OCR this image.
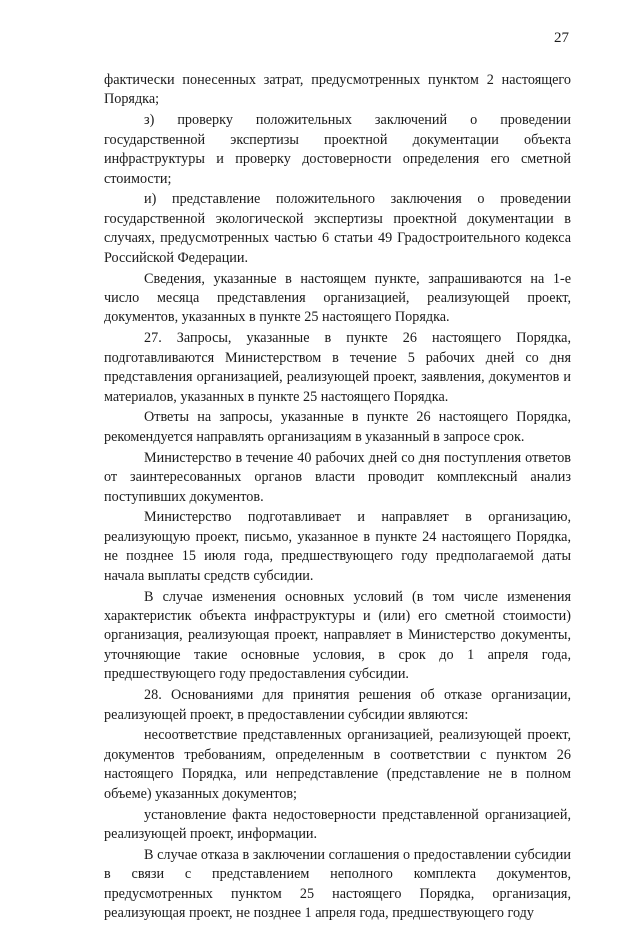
27

фактически понесенных затрат, предусмотренных пунктом 2 настоящего Порядка;

з) проверку положительных заключений о проведении государственной экспертизы проектной документации объекта инфраструктуры и проверку достоверности определения его сметной стоимости;

и) представление положительного заключения о проведении государственной экологической экспертизы проектной документации в случаях, предусмотренных частью 6 статьи 49 Градостроительного кодекса Российской Федерации.

Сведения, указанные в настоящем пункте, запрашиваются на 1-е число месяца представления организацией, реализующей проект, документов, указанных в пункте 25 настоящего Порядка.

27. Запросы, указанные в пункте 26 настоящего Порядка, подготавливаются Министерством в течение 5 рабочих дней со дня представления организацией, реализующей проект, заявления, документов и материалов, указанных в пункте 25 настоящего Порядка.

Ответы на запросы, указанные в пункте 26 настоящего Порядка, рекомендуется направлять организациям в указанный в запросе срок.

Министерство в течение 40 рабочих дней со дня поступления ответов от заинтересованных органов власти проводит комплексный анализ поступивших документов.

Министерство подготавливает и направляет в организацию, реализующую проект, письмо, указанное в пункте 24 настоящего Порядка, не позднее 15 июля года, предшествующего году предполагаемой даты начала выплаты средств субсидии.

В случае изменения основных условий (в том числе изменения характеристик объекта инфраструктуры и (или) его сметной стоимости) организация, реализующая проект, направляет в Министерство документы, уточняющие такие основные условия, в срок до 1 апреля года, предшествующего году предоставления субсидии.

28. Основаниями для принятия решения об отказе организации, реализующей проект, в предоставлении субсидии являются:

несоответствие представленных организацией, реализующей проект, документов требованиям, определенным в соответствии с пунктом 26 настоящего Порядка, или непредставление (представление не в полном объеме) указанных документов;

установление факта недостоверности представленной организацией, реализующей проект, информации.

В случае отказа в заключении соглашения о предоставлении субсидии в связи с представлением неполного комплекта документов, предусмотренных пунктом 25 настоящего Порядка, организация, реализующая проект, не позднее 1 апреля года, предшествующего году
